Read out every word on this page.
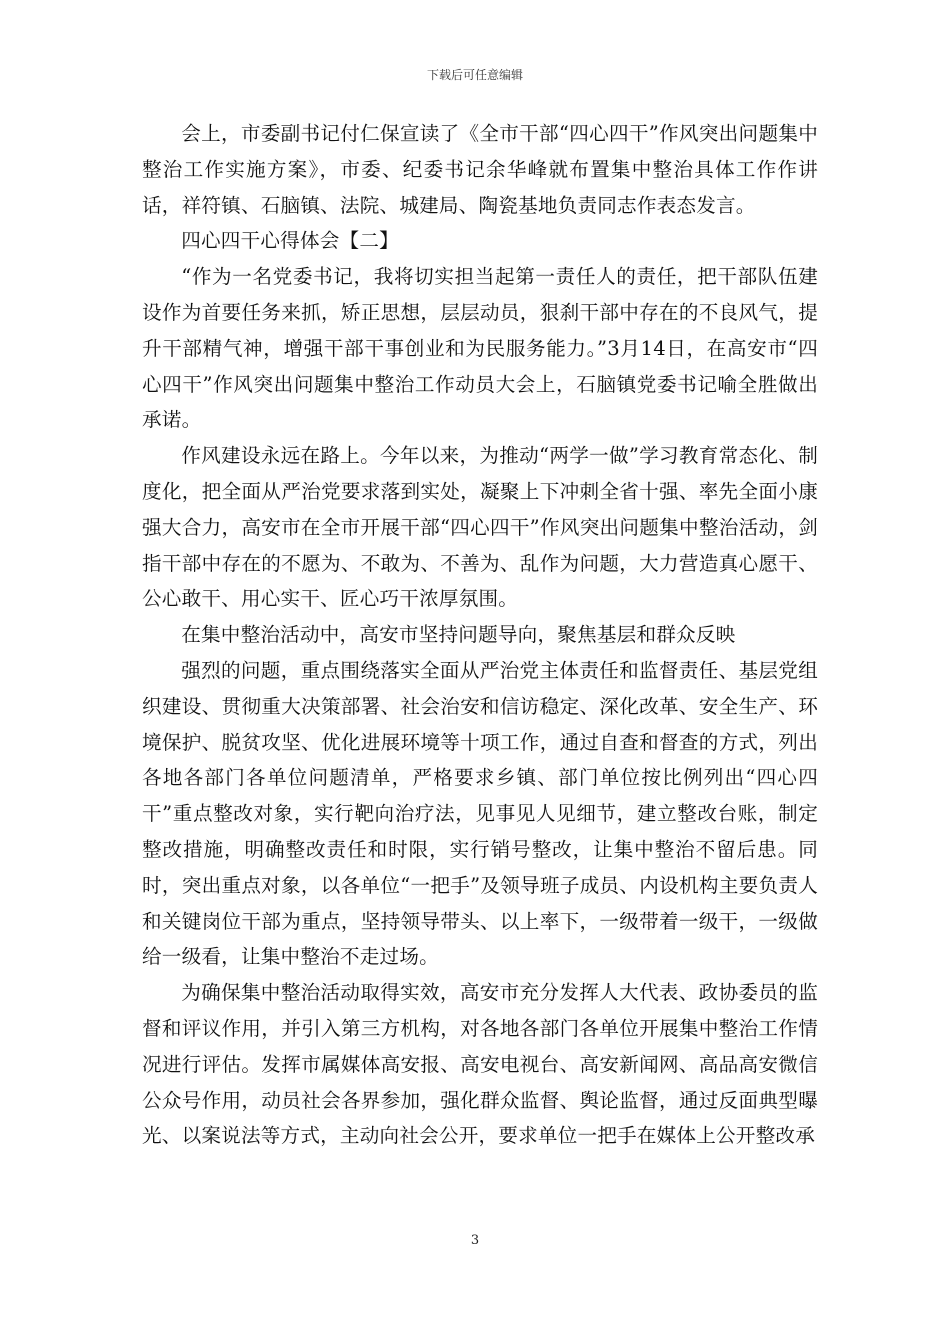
下载后可任意编辑

会上，市委副书记付仁保宣读了《全市干部“四心四干”作风突出问题集中整治工作实施方案》，市委、纪委书记余华峰就布置集中整治具体工作作讲话，祥符镇、石脑镇、法院、城建局、陶瓷基地负责同志作表态发言。

四心四干心得体会【二】

“作为一名党委书记，我将切实担当起第一责任人的责任，把干部队伍建设作为首要任务来抓，矫正思想，层层动员，狠刹干部中存在的不良风气，提升干部精气神，增强干部干事创业和为民服务能力。”3月14日，在高安市“四心四干”作风突出问题集中整治工作动员大会上，石脑镇党委书记喻全胜做出承诺。

作风建设永远在路上。今年以来，为推动“两学一做”学习教育常态化、制度化，把全面从严治党要求落到实处，凝聚上下冲刺全省十强、率先全面小康强大合力，高安市在全市开展干部“四心四干”作风突出问题集中整治活动，剑指干部中存在的不愿为、不敢为、不善为、乱作为问题，大力营造真心愿干、公心敢干、用心实干、匠心巧干浓厚氛围。

在集中整治活动中，高安市坚持问题导向，聚焦基层和群众反映

强烈的问题，重点围绕落实全面从严治党主体责任和监督责任、基层党组织建设、贯彻重大决策部署、社会治安和信访稳定、深化改革、安全生产、环境保护、脱贫攻坚、优化进展环境等十项工作，通过自查和督查的方式，列出各地各部门各单位问题清单，严格要求乡镇、部门单位按比例列出“四心四干”重点整改对象，实行靶向治疗法，见事见人见细节，建立整改台账，制定整改措施，明确整改责任和时限，实行销号整改，让集中整治不留后患。同时，突出重点对象，以各单位“一把手”及领导班子成员、内设机构主要负责人和关键岗位干部为重点，坚持领导带头、以上率下，一级带着一级干，一级做给一级看，让集中整治不走过场。

为确保集中整治活动取得实效，高安市充分发挥人大代表、政协委员的监督和评议作用，并引入第三方机构，对各地各部门各单位开展集中整治工作情况进行评估。发挥市属媒体高安报、高安电视台、高安新闻网、高品高安微信公众号作用，动员社会各界参加，强化群众监督、舆论监督，通过反面典型曝光、以案说法等方式，主动向社会公开，要求单位一把手在媒体上公开整改承

3
